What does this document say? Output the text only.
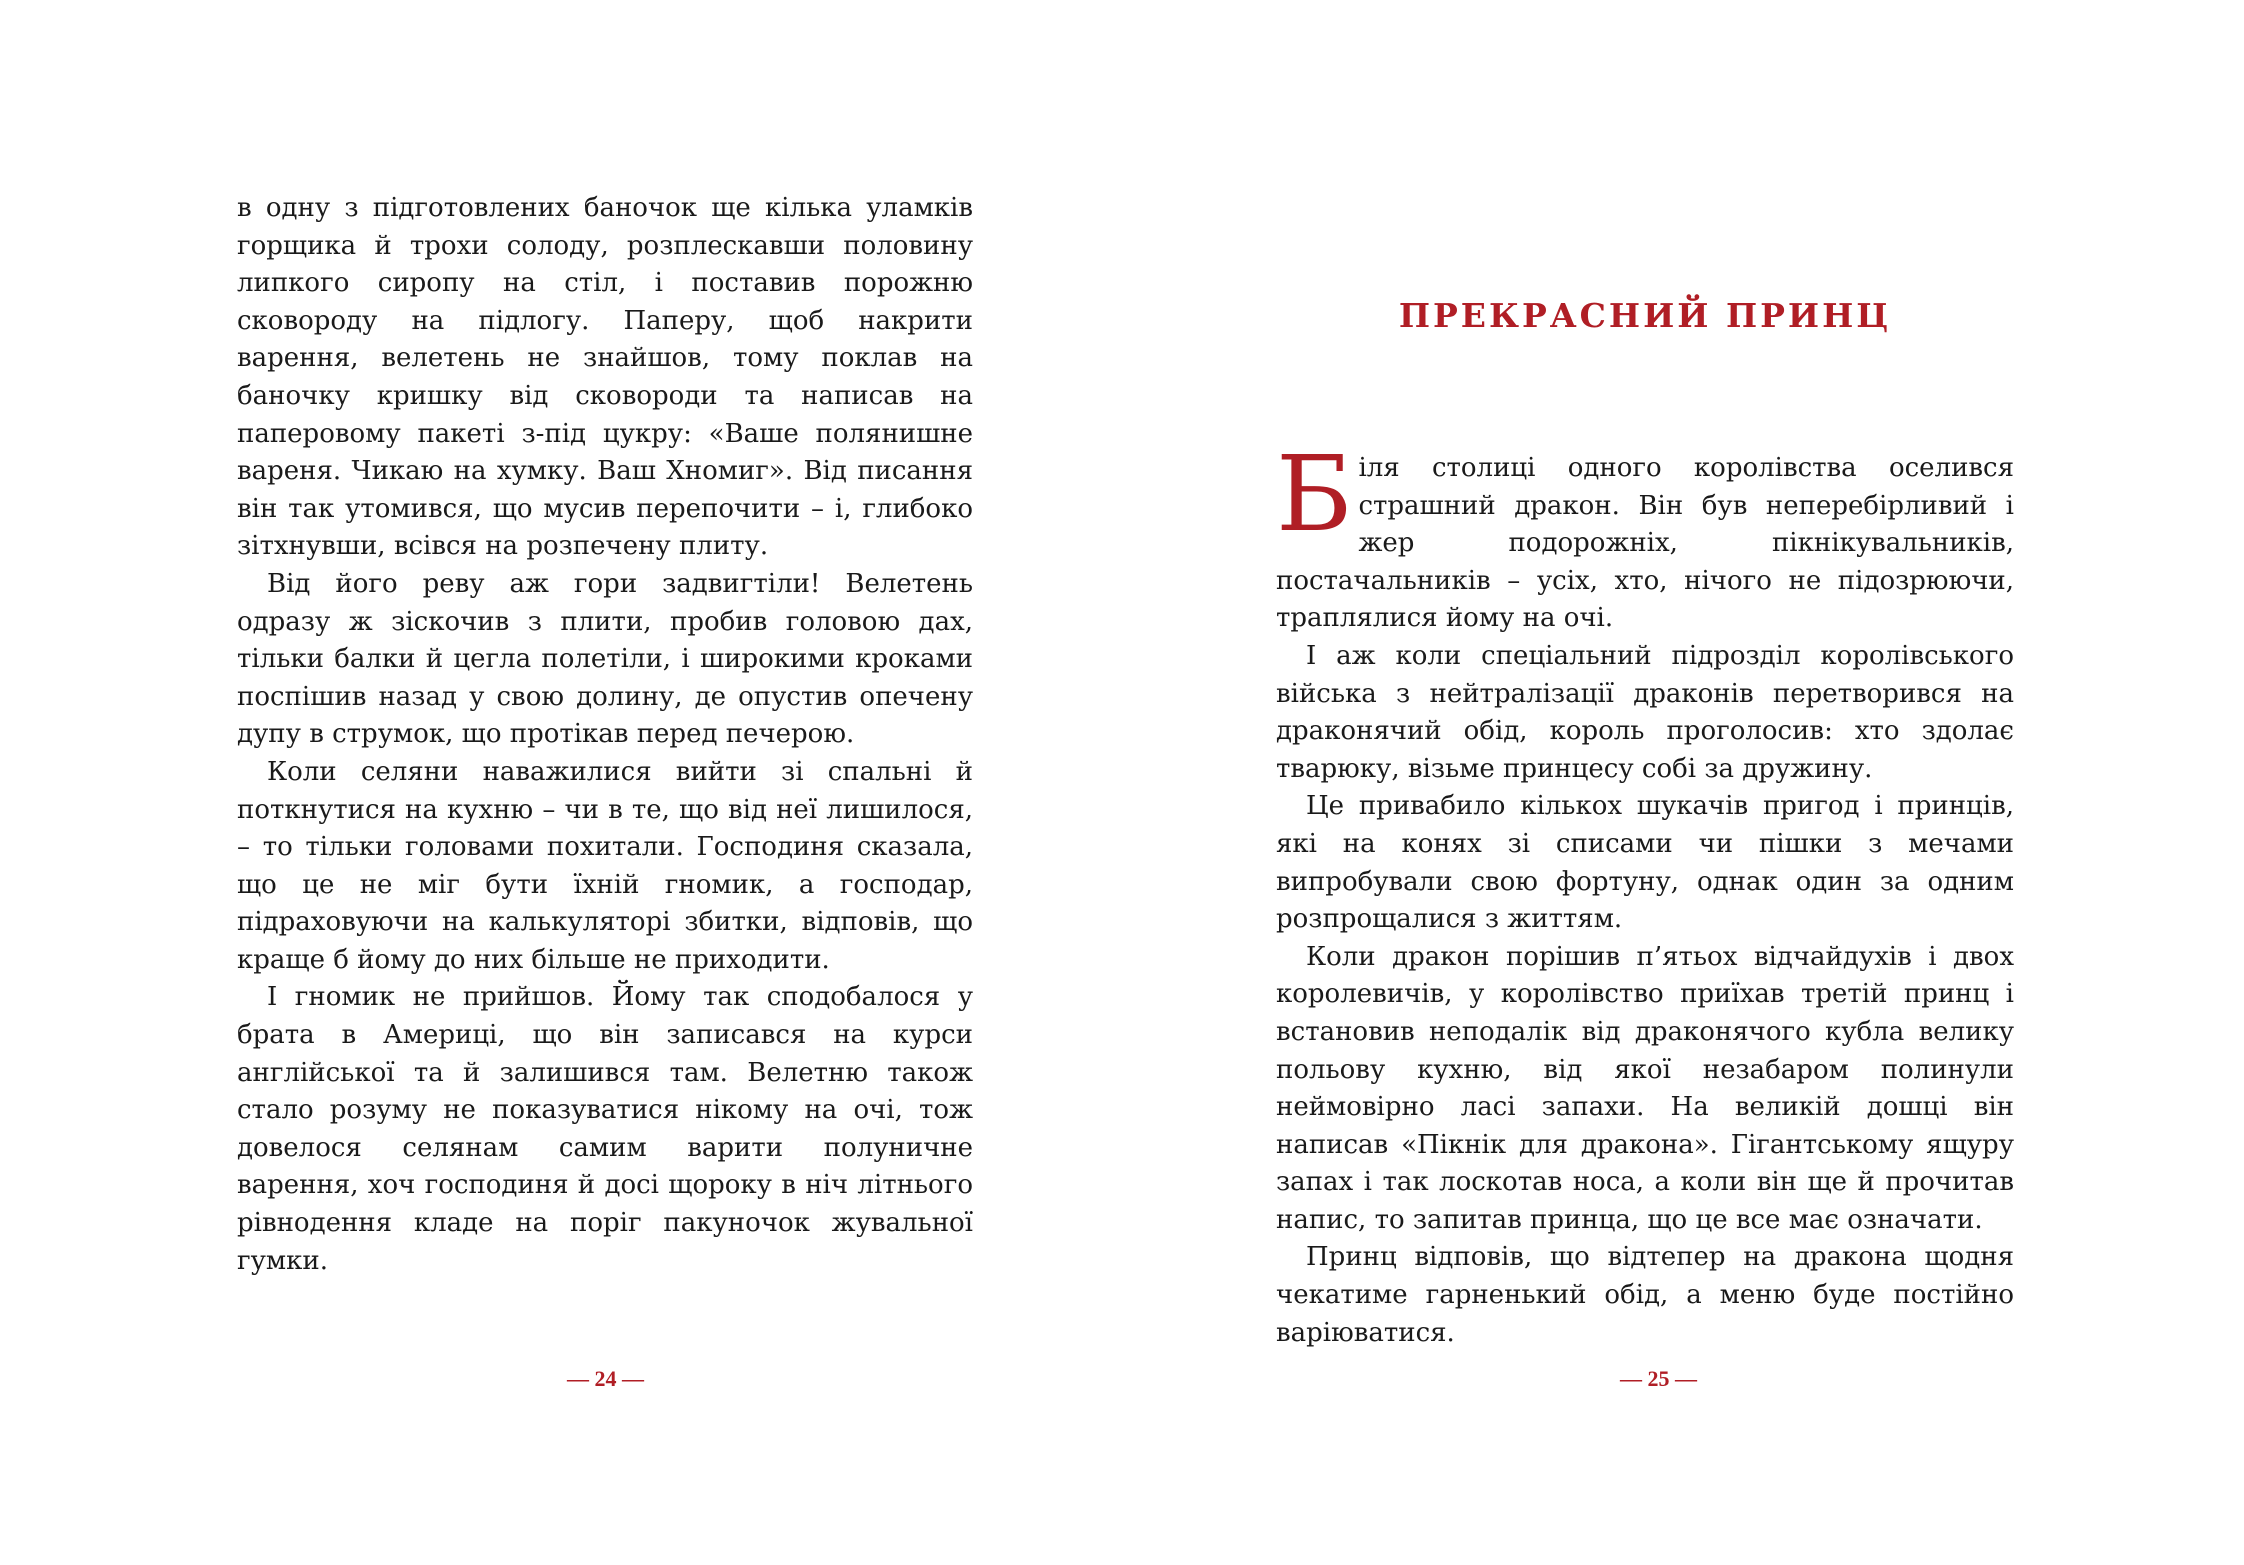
в одну з підготовлених баночок ще кілька уламків горщика й трохи солоду, розплескавши половину липкого сиропу на стіл, і поставив порожню сковороду на підлогу. Паперу, щоб накрити варення, велетень не знайшов, тому поклав на баночку кришку від сковороди та написав на паперовому пакеті з-під цукру: «Ваше полянишне вареня. Чикаю на хумку. Ваш Хномиг». Від писання він так утомився, що мусив перепочити – і, глибоко зітхнувши, всівся на розпечену плиту.

Від його реву аж гори задвигтіли! Велетень одразу ж зіскочив з плити, пробив головою дах, тільки балки й цегла полетіли, і широкими кроками поспішив назад у свою долину, де опустив опечену дупу в струмок, що протікав перед печерою.

Коли селяни наважилися вийти зі спальні й поткнутися на кухню – чи в те, що від неї лишилося, – то тільки головами похитали. Господиня сказала, що це не міг бути їхній гномик, а господар, підраховуючи на калькуляторі збитки, відповів, що краще б йому до них більше не приходити.

І гномик не прийшов. Йому так сподобалося у брата в Америці, що він записався на курси англійської та й залишився там. Велетню також стало розуму не показуватися нікому на очі, тож довелося селянам самим варити полуничне варення, хоч господиня й досі щороку в ніч літнього рівнодення кладе на поріг пакуночок жувальної гумки.

— 24 —
ПРЕКРАСНИЙ ПРИНЦ

Біля столиці одного королівства оселився страшний дракон. Він був неперебірливий і жер подорожніх, пікнікувальників, постачальників – усіх, хто, нічого не підозрюючи, траплялися йому на очі.

І аж коли спеціальний підрозділ королівського війська з нейтралізації драконів перетворився на драконячий обід, король проголосив: хто здолає тварюку, візьме принцесу собі за дружину.

Це привабило кількох шукачів пригод і принців, які на конях зі списами чи пішки з мечами випробували свою фортуну, однак один за одним розпрощалися з життям.

Коли дракон порішив п’ятьох відчайдухів і двох королевичів, у королівство приїхав третій принц і встановив неподалік від драконячого кубла велику польову кухню, від якої незабаром полинули неймовірно ласі запахи. На великій дошці він написав «Пікнік для дракона». Гігантському ящуру запах і так лоскотав носа, а коли він ще й прочитав напис, то запитав принца, що це все має означати.

Принц відповів, що відтепер на дракона щодня чекатиме гарненький обід, а меню буде постійно варіюватися.

— 25 —
